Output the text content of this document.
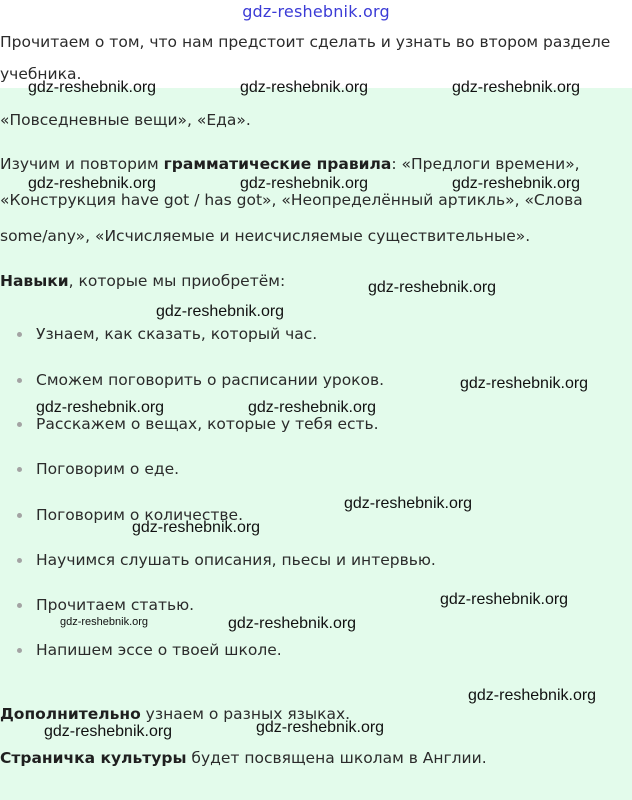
gdz-reshebnik.org

Прочитаем о том, что нам предстоит сделать и узнать во втором разделе

учебника.

«Повседневные вещи», «Еда».

Изучим и повторим грамматические правила: «Предлоги времени»,

«Конструкция have got / has got», «Неопределённый артикль», «Слова

some/any», «Исчисляемые и неисчисляемые существительные».

Навыки, которые мы приобретём:

Узнаем, как сказать, который час.
Сможем поговорить о расписании уроков.
Расскажем о вещах, которые у тебя есть.
Поговорим о еде.
Поговорим о количестве.
Научимся слушать описания, пьесы и интервью.
Прочитаем статью.
Напишем эссе о твоей школе.

Дополнительно узнаем о разных языках.

Страничка культуры будет посвящена школам в Англии.

gdz-reshebnik.org	gdz-reshebnik.org	gdz-reshebnik.org
gdz-reshebnik.org	gdz-reshebnik.org	gdz-reshebnik.org
gdz-reshebnik.org
gdz-reshebnik.org
gdz-reshebnik.org
gdz-reshebnik.org	gdz-reshebnik.org
gdz-reshebnik.org
gdz-reshebnik.org
gdz-reshebnik.org
gdz-reshebnik.org	gdz-reshebnik.org
gdz-reshebnik.org
gdz-reshebnik.org	gdz-reshebnik.org
